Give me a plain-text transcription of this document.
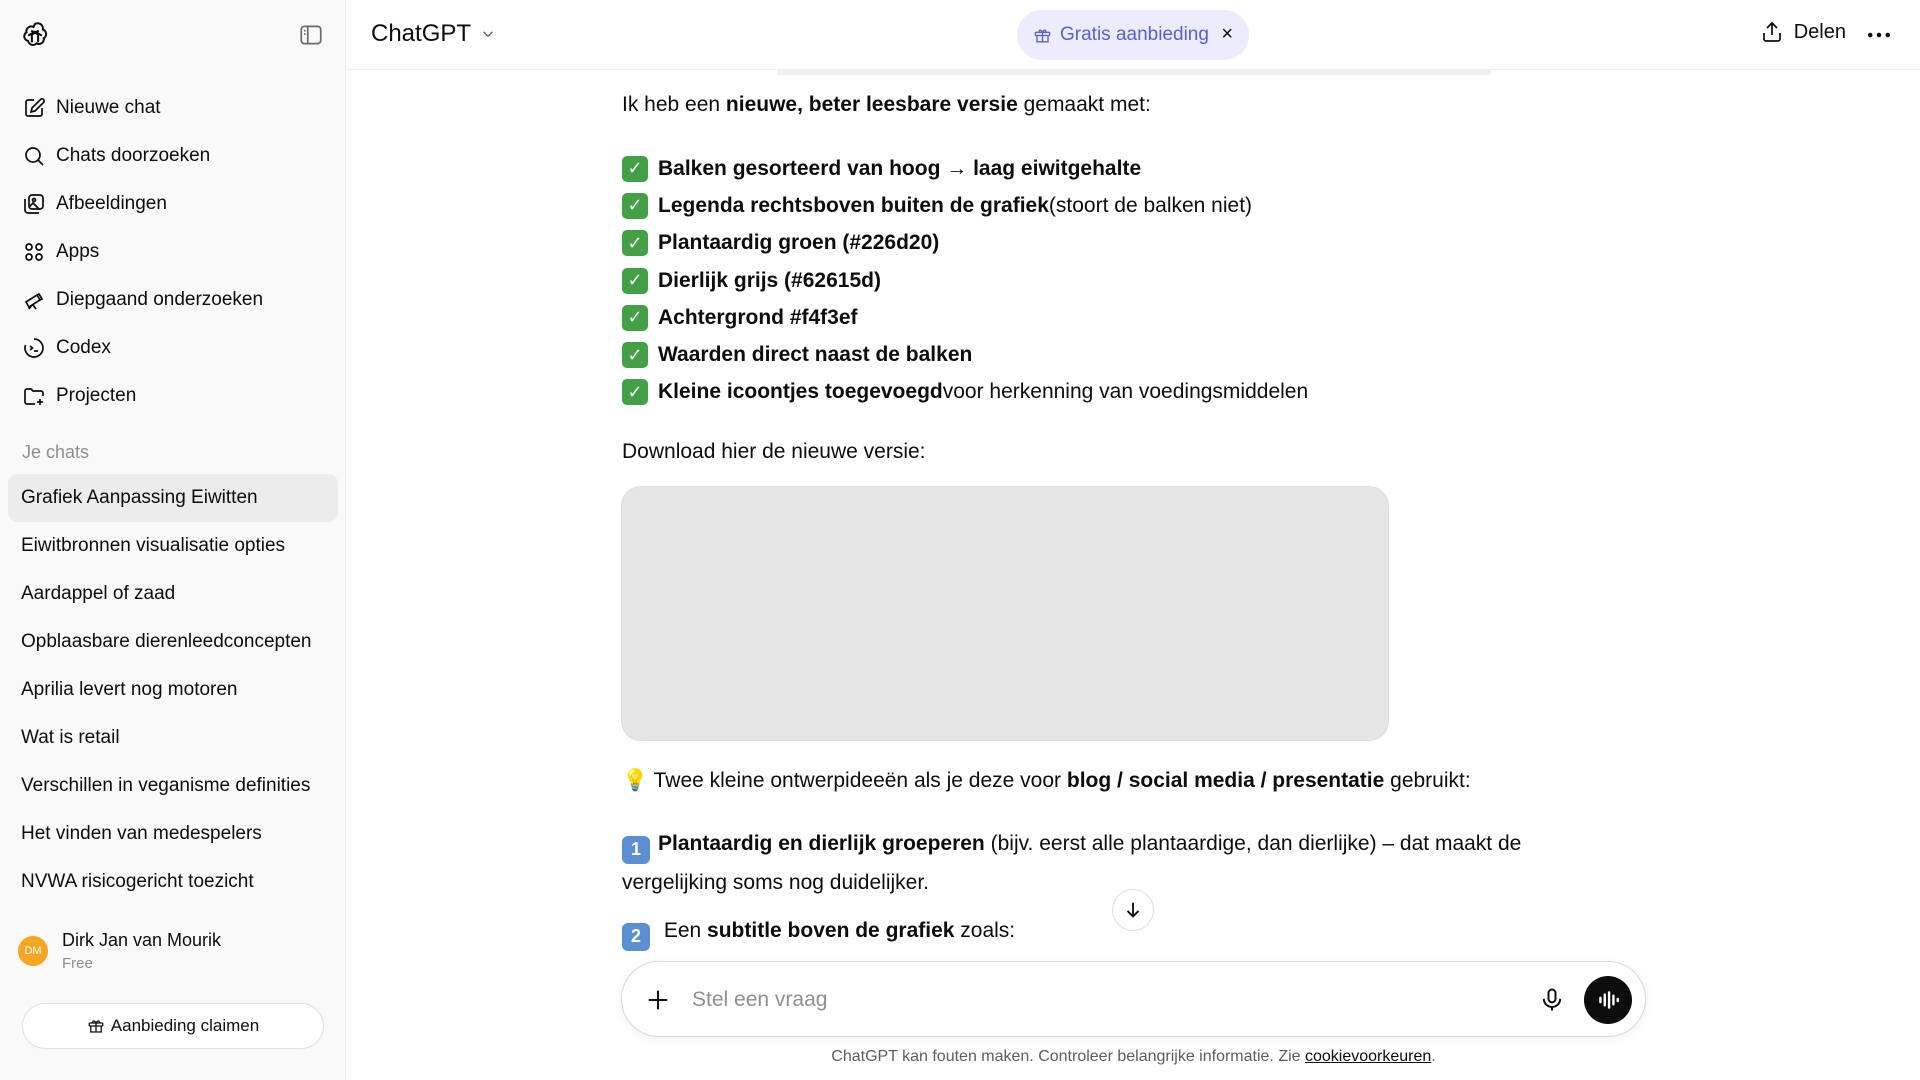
Nieuwe chat
Chats doorzoeken
Afbeeldingen
Apps
Diepgaand onderzoeken
Codex
Projecten
Je chats
Grafiek Aanpassing Eiwitten
Eiwitbronnen visualisatie opties
Aardappel of zaad
Opblaasbare dierenleedconcepten
Aprilia levert nog motoren
Wat is retail
Verschillen in veganisme definities
Het vinden van medespelers
NVWA risicogericht toezicht
DM
Dirk Jan van Mourik
Free
Aanbieding claimen
ChatGPT	Gratis aanbieding ×	Delen
Ik heb een nieuwe, beter leesbare versie gemaakt met:
✓ Balken gesorteerd van hoog → laag eiwitgehalte
✓ Legenda rechtsboven buiten de grafiek (stoort de balken niet)
✓ Plantaardig groen (#226d20)
✓ Dierlijk grijs (#62615d)
✓ Achtergrond #f4f3ef
✓ Waarden direct naast de balken
✓ Kleine icoontjes toegevoegd voor herkenning van voedingsmiddelen
Download hier de nieuwe versie:
💡 Twee kleine ontwerpideeën als je deze voor blog / social media / presentatie gebruikt:
1 Plantaardig en dierlijk groeperen (bijv. eerst alle plantaardige, dan dierlijke) – dat maakt de
vergelijking soms nog duidelijker.
2 Een subtitle boven de grafiek zoals:
Stel een vraag
ChatGPT kan fouten maken. Controleer belangrijke informatie. Zie cookievoorkeuren.
